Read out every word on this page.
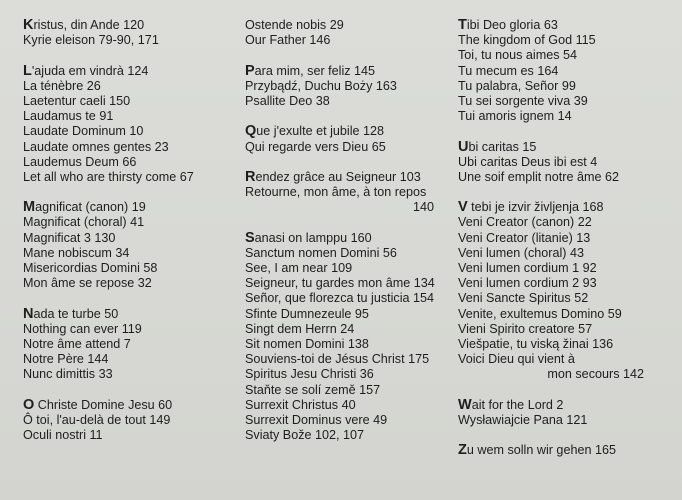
Kristus, din Ande 120
Kyrie eleison 79-90, 171
L'ajuda em vindrà 124
La ténèbre 26
Laetentur caeli 150
Laudamus te 91
Laudate Dominum 10
Laudate omnes gentes 23
Laudemus Deum 66
Let all who are thirsty come 67
Magnificat (canon) 19
Magnificat (choral) 41
Magnificat 3 130
Mane nobiscum 34
Misericordias Domini 58
Mon âme se repose 32
Nada te turbe 50
Nothing can ever 119
Notre âme attend 7
Notre Père 144
Nunc dimittis 33
O Christe Domine Jesu 60
Ô toi, l'au-delà de tout 149
Oculi nostri 11
Ostende nobis 29
Our Father 146
Para mim, ser feliz 145
Przybądź, Duchu Boży 163
Psallite Deo 38
Que j'exulte et jubile 128
Qui regarde vers Dieu 65
Rendez grâce au Seigneur 103
Retourne, mon âme, à ton repos
140
Sanasi on lamppu 160
Sanctum nomen Domini 56
See, I am near 109
Seigneur, tu gardes mon âme 134
Señor, que florezca tu justicia 154
Sfinte Dumnezeule 95
Singt dem Herrn 24
Sit nomen Domini 138
Souviens-toi de Jésus Christ 175
Spiritus Jesu Christi 36
Staňte se solí země 157
Surrexit Christus 40
Surrexit Dominus vere 49
Sviaty Bože 102, 107
Tibi Deo gloria 63
The kingdom of God 115
Toi, tu nous aimes 54
Tu mecum es 164
Tu palabra, Señor 99
Tu sei sorgente viva 39
Tui amoris ignem 14
Ubi caritas 15
Ubi caritas Deus ibi est 4
Une soif emplit notre âme 62
V tebi je izvir življenja 168
Veni Creator (canon) 22
Veni Creator (litanie) 13
Veni lumen (choral) 43
Veni lumen cordium 1 92
Veni lumen cordium 2 93
Veni Sancte Spiritus 52
Venite, exultemus Domino 59
Vieni Spirito creatore 57
Viešpatie, tu viską žinai 136
Voici Dieu qui vient à
mon secours 142
Wait for the Lord 2
Wysławiajcie Pana 121
Zu wem solln wir gehen 165
